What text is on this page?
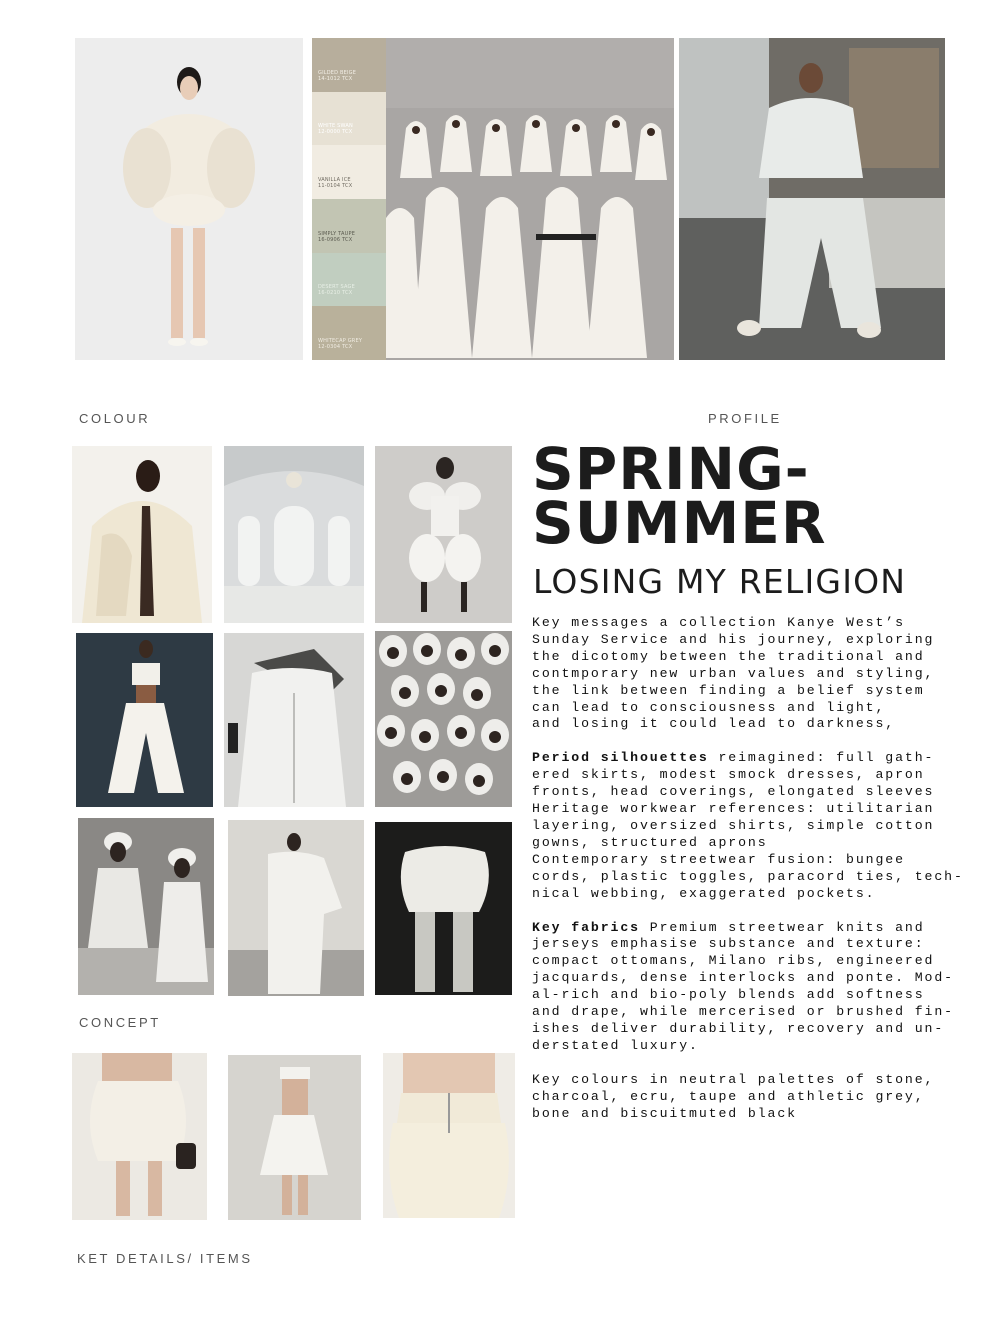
GILDED BEIGE
14-1012 TCX
WHITE SWAN
12-0000 TCX
VANILLA ICE
11-0104 TCX
SIMPLY TAUPE
16-0906 TCX
DESERT SAGE
16-0210 TCX
WHITECAP GREY
12-0304 TCX
COLOUR	PROFILE
CONCEPT
KET DETAILS/ ITEMS
SPRING-
SUMMER
LOSING MY RELIGION

Key messages a collection Kanye West’s
Sunday Service and his journey, exploring
the dicotomy between the traditional and
contmporary new urban values and styling,
the link between finding a belief system
can lead to consciousness and light,
and losing it could lead to darkness,

Period silhouettes reimagined: full gath-
ered skirts, modest smock dresses, apron
fronts, head coverings, elongated sleeves
Heritage workwear references: utilitarian
layering, oversized shirts, simple cotton
gowns, structured aprons
Contemporary streetwear fusion: bungee
cords, plastic toggles, paracord ties, tech-
nical webbing, exaggerated pockets.

Key fabrics Premium streetwear knits and
jerseys emphasise substance and texture:
compact ottomans, Milano ribs, engineered
jacquards, dense interlocks and ponte. Mod-
al-rich and bio-poly blends add softness
and drape, while mercerised or brushed fin-
ishes deliver durability, recovery and un-
derstated luxury.

Key colours in neutral palettes of stone,
charcoal, ecru, taupe and athletic grey,
bone and biscuitmuted black
